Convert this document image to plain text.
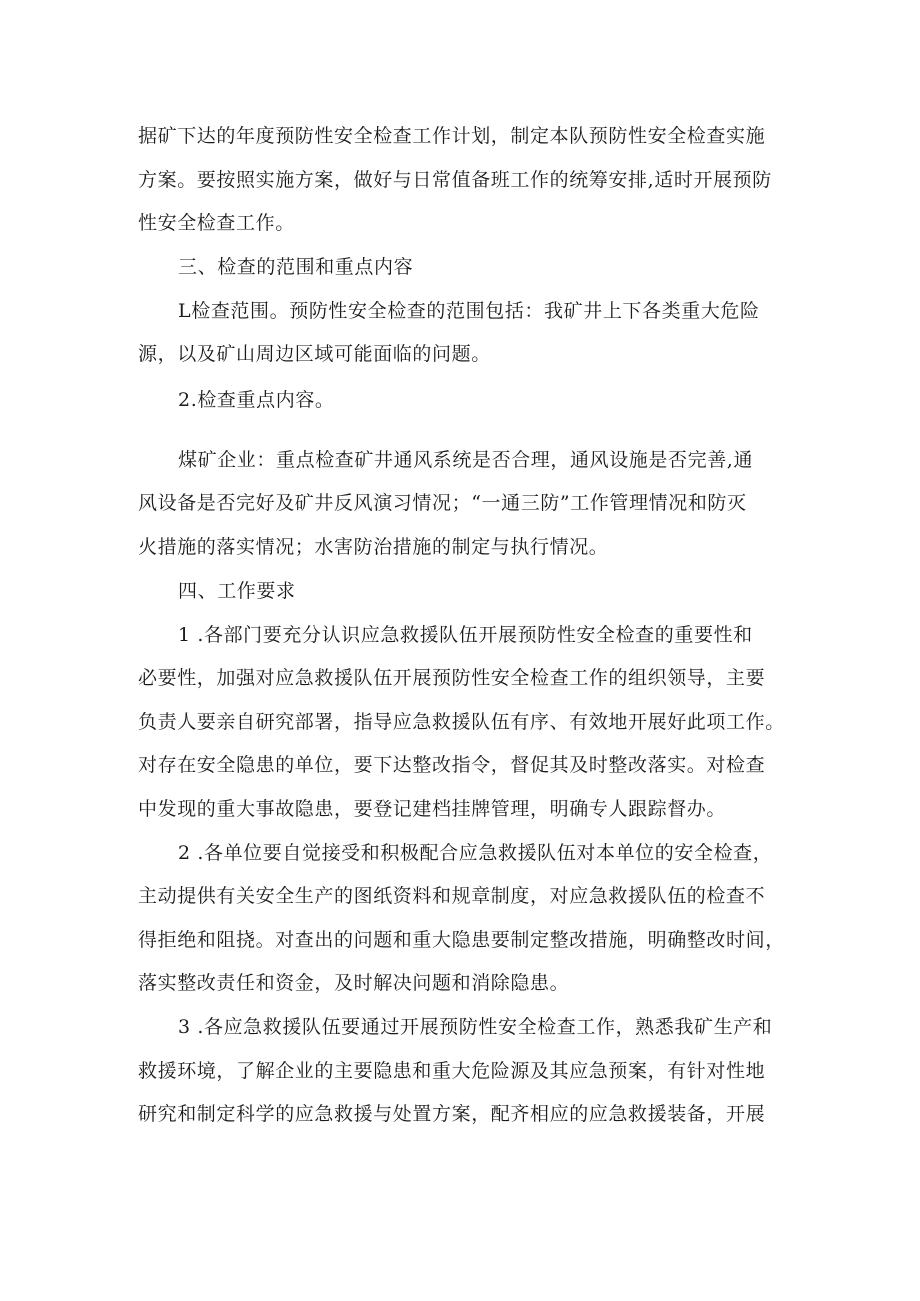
据矿下达的年度预防性安全检查工作计划，制定本队预防性安全检查实施
方案。要按照实施方案，做好与日常值备班工作的统筹安排,适时开展预防
性安全检查工作。
三、检查的范围和重点内容
L检查范围。预防性安全检查的范围包括：我矿井上下各类重大危险
源，以及矿山周边区域可能面临的问题。
2.检查重点内容。
煤矿企业：重点检查矿井通风系统是否合理，通风设施是否完善,通
风设备是否完好及矿井反风演习情况；“一通三防”工作管理情况和防灭
火措施的落实情况；水害防治措施的制定与执行情况。
四、工作要求
1 .各部门要充分认识应急救援队伍开展预防性安全检查的重要性和
必要性，加强对应急救援队伍开展预防性安全检查工作的组织领导，主要
负责人要亲自研究部署，指导应急救援队伍有序、有效地开展好此项工作。
对存在安全隐患的单位，要下达整改指令，督促其及时整改落实。对检查
中发现的重大事故隐患，要登记建档挂牌管理，明确专人跟踪督办。
2 .各单位要自觉接受和积极配合应急救援队伍对本单位的安全检查，
主动提供有关安全生产的图纸资料和规章制度，对应急救援队伍的检查不
得拒绝和阻挠。对查出的问题和重大隐患要制定整改措施，明确整改时间，
落实整改责任和资金，及时解决问题和消除隐患。
3 .各应急救援队伍要通过开展预防性安全检查工作，熟悉我矿生产和
救援环境，了解企业的主要隐患和重大危险源及其应急预案，有针对性地
研究和制定科学的应急救援与处置方案，配齐相应的应急救援装备，开展
